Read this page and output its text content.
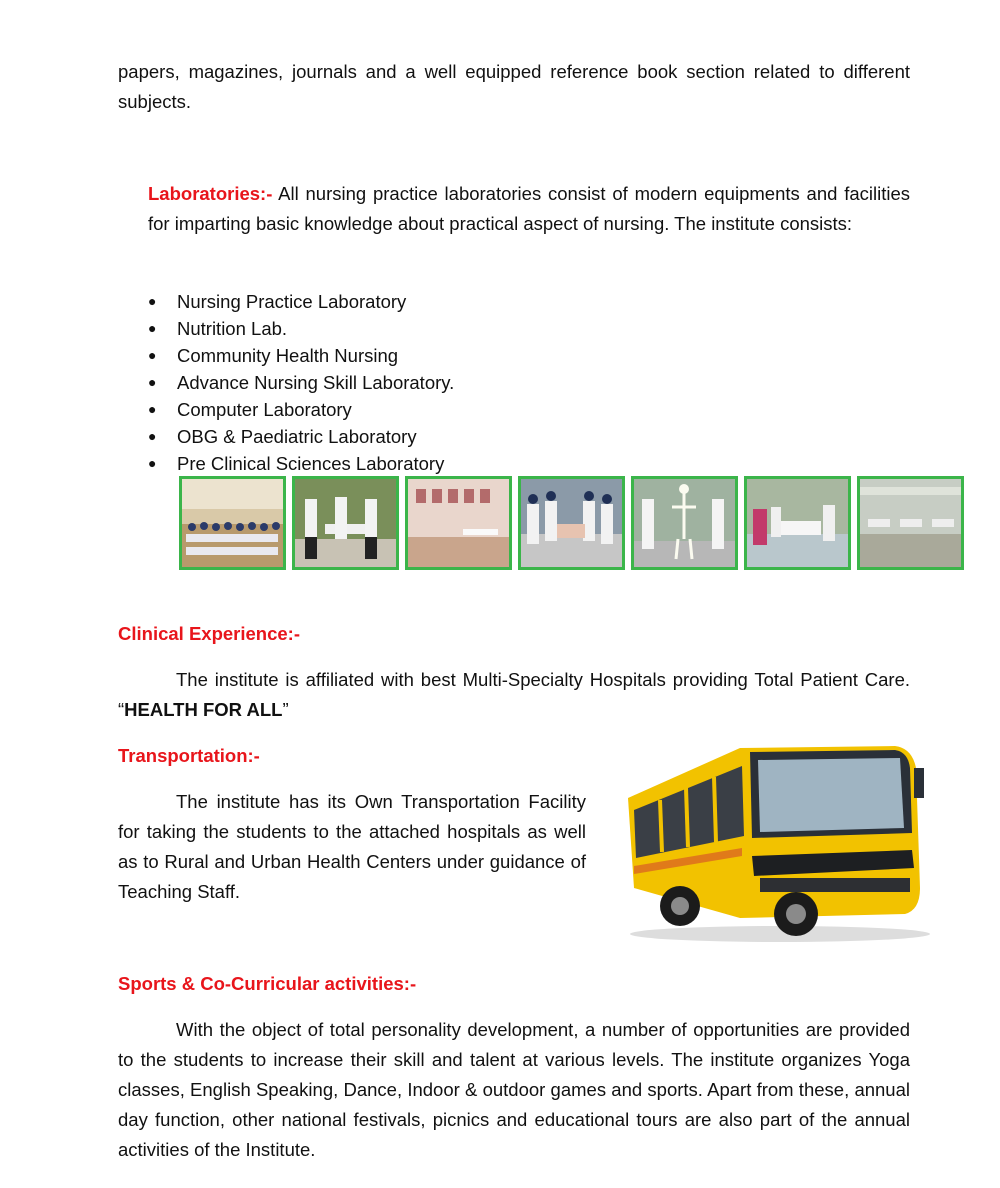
papers, magazines, journals and a well equipped reference book section related to different subjects.

Laboratories:- All nursing practice laboratories consist of modern equipments and facilities for imparting basic knowledge about practical aspect of nursing. The institute consists:

● Nursing Practice Laboratory
● Nutrition Lab.
● Community Health Nursing
● Advance Nursing Skill Laboratory.
● Computer Laboratory
● OBG & Paediatric Laboratory
● Pre Clinical Sciences Laboratory
Clinical Experience:-

The institute is affiliated with best Multi-Specialty Hospitals providing Total Patient Care. “HEALTH FOR ALL”

Transportation:-

The institute has its Own Transportation Facility for taking the students to the attached hospitals as well as to Rural and Urban Health Centers under guidance of Teaching Staff.

Sports & Co-Curricular activities:-

With the object of total personality development, a number of opportunities are provided to the students to increase their skill and talent at various levels. The institute organizes Yoga classes, English Speaking, Dance, Indoor & outdoor games and sports. Apart from these, annual day function, other national festivals, picnics and educational tours are also part of the annual activities of the Institute.
